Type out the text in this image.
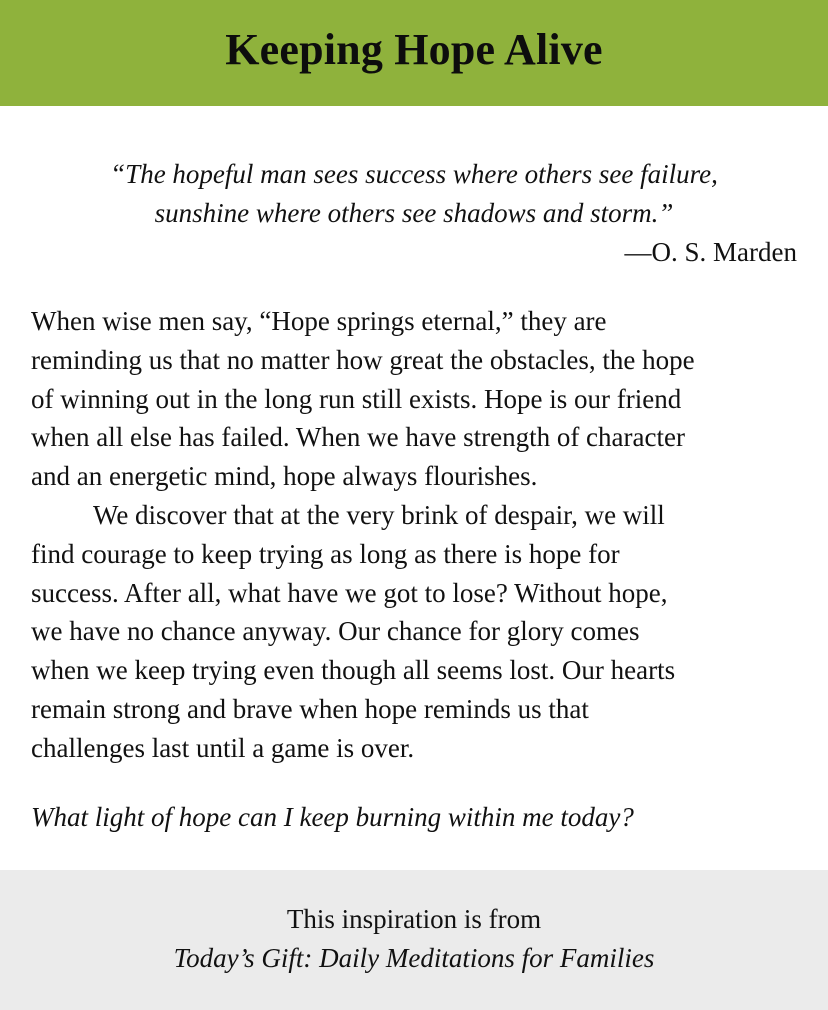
Keeping Hope Alive
“The hopeful man sees success where others see failure,
sunshine where others see shadows and storm.”
—O. S. Marden

When wise men say, “Hope springs eternal,” they are
reminding us that no matter how great the obstacles, the hope
of winning out in the long run still exists. Hope is our friend
when all else has failed. When we have strength of character
and an energetic mind, hope always flourishes.

We discover that at the very brink of despair, we will
find courage to keep trying as long as there is hope for
success. After all, what have we got to lose? Without hope,
we have no chance anyway. Our chance for glory comes
when we keep trying even though all seems lost. Our hearts
remain strong and brave when hope reminds us that
challenges last until a game is over.

What light of hope can I keep burning within me today?
This inspiration is from
Today’s Gift: Daily Meditations for Families
